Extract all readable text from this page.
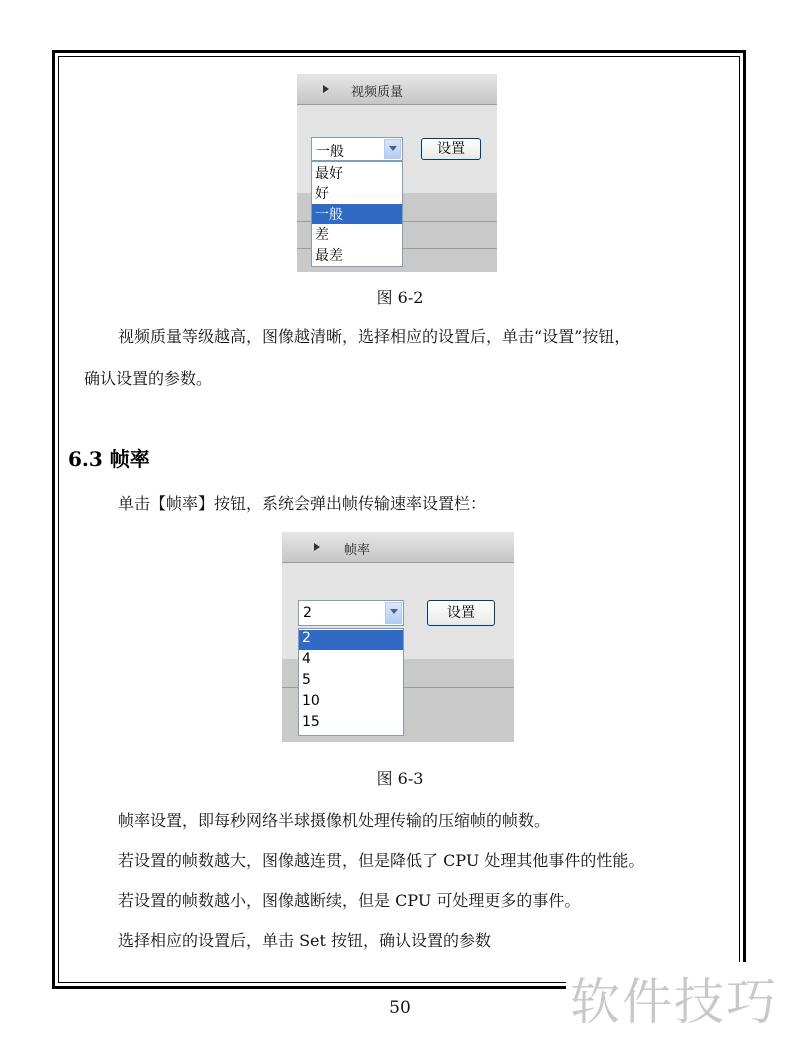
视频质量
一般	设置
最好
好
一般
差
最差
图 6-2
视频质量等级越高，图像越清晰，选择相应的设置后，单击“设置”按钮，
确认设置的参数。
6.3 帧率
单击【帧率】按钮，系统会弹出帧传输速率设置栏：
帧率
2	设置
2
4
5
10
15
图 6-3
帧率设置，即每秒网络半球摄像机处理传输的压缩帧的帧数。
若设置的帧数越大，图像越连贯，但是降低了 CPU 处理其他事件的性能。
若设置的帧数越小，图像越断续，但是 CPU 可处理更多的事件。
选择相应的设置后，单击 Set 按钮，确认设置的参数
50	软件技巧
